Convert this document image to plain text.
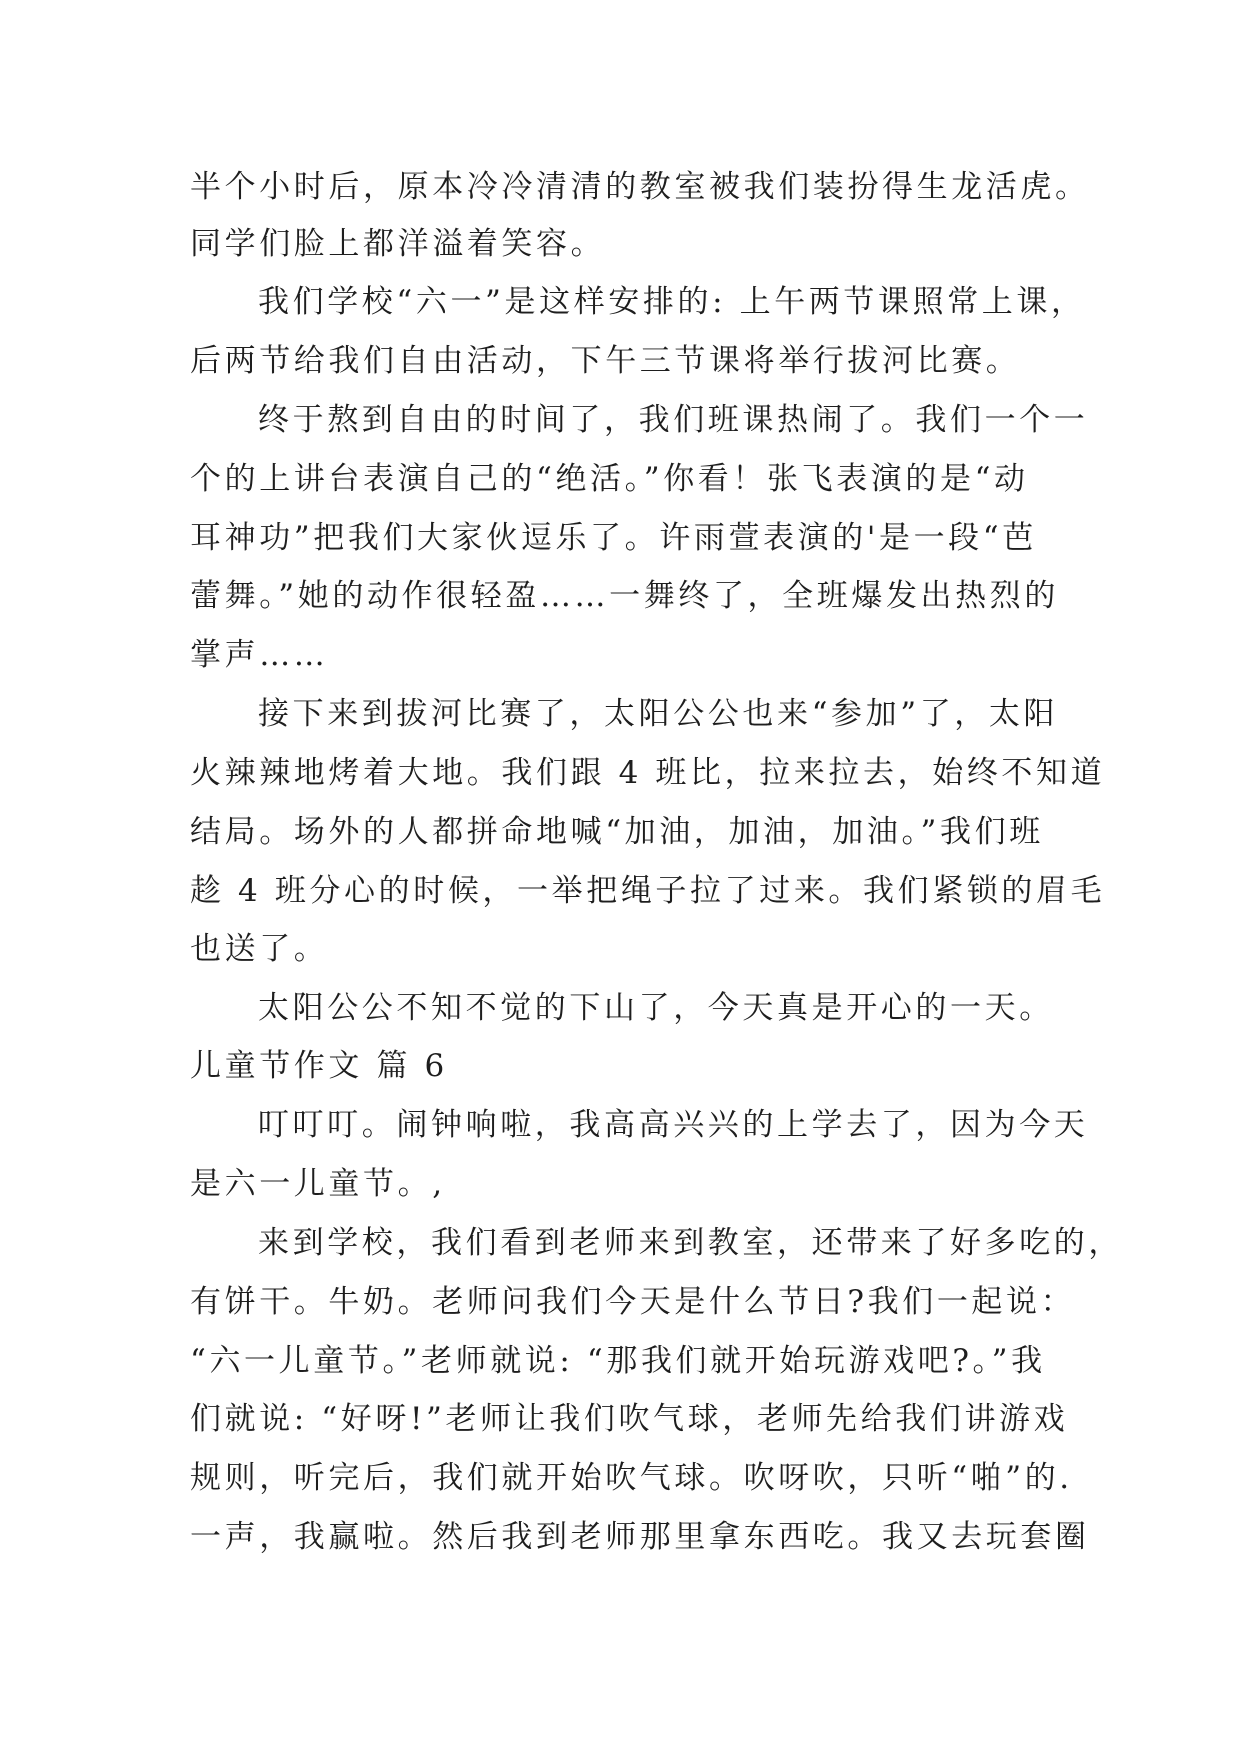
半个小时后，原本冷冷清清的教室被我们装扮得生龙活虎。
同学们脸上都洋溢着笑容。
我们学校“六一”是这样安排的: 上午两节课照常上课，
后两节给我们自由活动，下午三节课将举行拔河比赛。
终于熬到自由的时间了，我们班课热闹了。我们一个一
个的上讲台表演自己的“绝活。”你看！张飞表演的是“动
耳神功”把我们大家伙逗乐了。许雨萱表演的'是一段“芭
蕾舞。”她的动作很轻盈……一舞终了，全班爆发出热烈的
掌声……
接下来到拔河比赛了，太阳公公也来“参加”了，太阳
火辣辣地烤着大地。我们跟 4 班比，拉来拉去，始终不知道
结局。场外的人都拼命地喊“加油，加油，加油。”我们班
趁 4 班分心的时候，一举把绳子拉了过来。我们紧锁的眉毛
也送了。
太阳公公不知不觉的下山了，今天真是开心的一天。
儿童节作文 篇 6
叮叮叮。闹钟响啦，我高高兴兴的上学去了，因为今天
是六一儿童节。,
来到学校，我们看到老师来到教室，还带来了好多吃的，
有饼干。牛奶。老师问我们今天是什么节日?我们一起说：
“六一儿童节。”老师就说: “那我们就开始玩游戏吧?。”我
们就说: “好呀!”老师让我们吹气球，老师先给我们讲游戏
规则，听完后，我们就开始吹气球。吹呀吹，只听“啪”的.
一声，我赢啦。然后我到老师那里拿东西吃。我又去玩套圈
